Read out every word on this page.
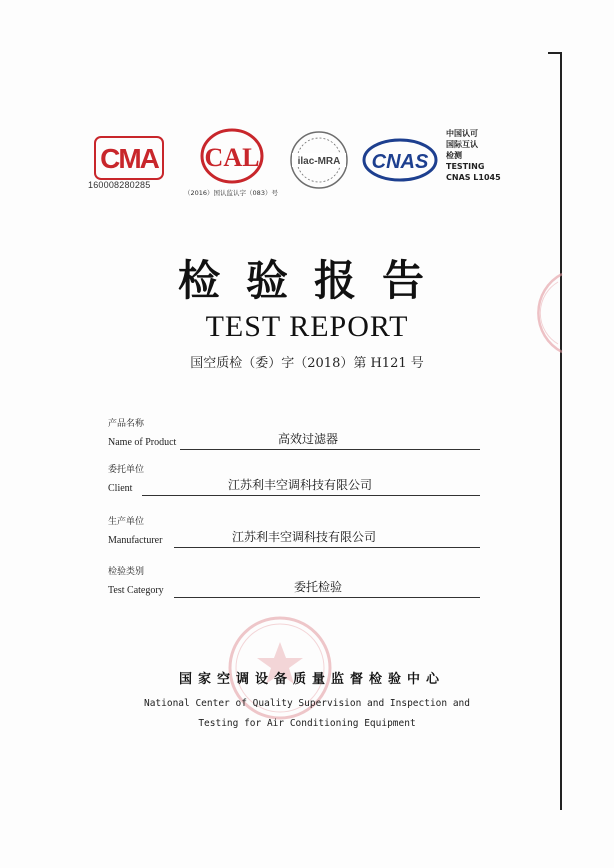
CMA
160008280285
CAL
（2016）国认监认字（083）号
ilac-MRA CNAS
中国认可
国际互认
检测
TESTING
CNAS L1045
检验报告
TEST REPORT
国空质检（委）字（2018）第 H121 号
产品名称
Name of Product	高效过滤器
委托单位
Client	江苏利丰空调科技有限公司
生产单位
Manufacturer	江苏利丰空调科技有限公司
检验类别
Test Category	委托检验
国家空调设备质量监督检验中心
National Center of Quality Supervision and Inspection and
Testing for Air Conditioning Equipment
